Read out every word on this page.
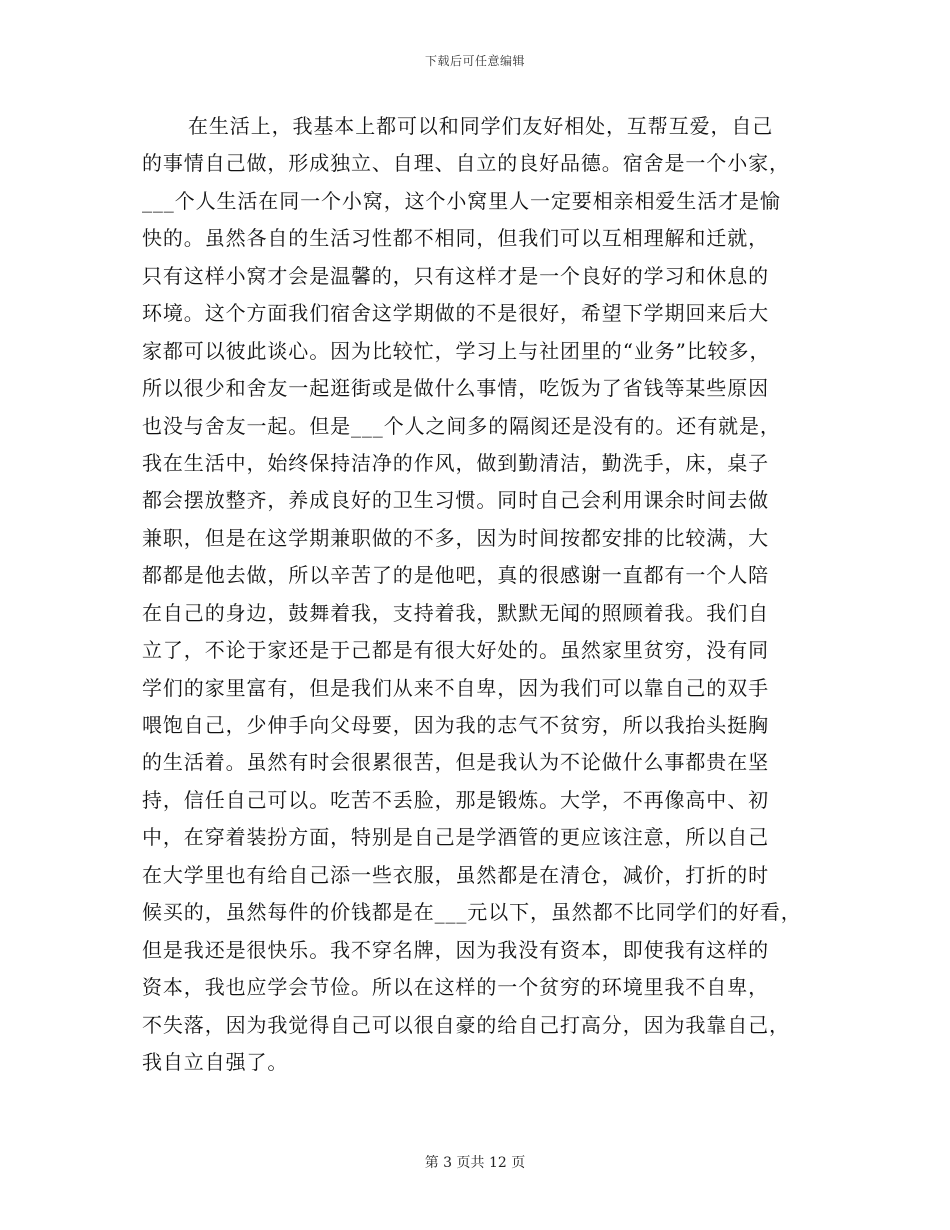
下载后可任意编辑
在生活上，我基本上都可以和同学们友好相处，互帮互爱，自己
的事情自己做，形成独立、自理、自立的良好品德。宿舍是一个小家，
___个人生活在同一个小窝，这个小窝里人一定要相亲相爱生活才是愉
快的。虽然各自的生活习性都不相同，但我们可以互相理解和迁就，
只有这样小窝才会是温馨的，只有这样才是一个良好的学习和休息的
环境。这个方面我们宿舍这学期做的不是很好，希望下学期回来后大
家都可以彼此谈心。因为比较忙，学习上与社团里的“业务”比较多，
所以很少和舍友一起逛街或是做什么事情，吃饭为了省钱等某些原因
也没与舍友一起。但是___个人之间多的隔阂还是没有的。还有就是，
我在生活中，始终保持洁净的作风，做到勤清洁，勤洗手，床，桌子
都会摆放整齐，养成良好的卫生习惯。同时自己会利用课余时间去做
兼职，但是在这学期兼职做的不多，因为时间按都安排的比较满，大
都都是他去做，所以辛苦了的是他吧，真的很感谢一直都有一个人陪
在自己的身边，鼓舞着我，支持着我，默默无闻的照顾着我。我们自
立了，不论于家还是于己都是有很大好处的。虽然家里贫穷，没有同
学们的家里富有，但是我们从来不自卑，因为我们可以靠自己的双手
喂饱自己，少伸手向父母要，因为我的志气不贫穷，所以我抬头挺胸
的生活着。虽然有时会很累很苦，但是我认为不论做什么事都贵在坚
持，信任自己可以。吃苦不丢脸，那是锻炼。大学，不再像高中、初
中，在穿着装扮方面，特别是自己是学酒管的更应该注意，所以自己
在大学里也有给自己添一些衣服，虽然都是在清仓，减价，打折的时
候买的，虽然每件的价钱都是在___元以下，虽然都不比同学们的好看，
但是我还是很快乐。我不穿名牌，因为我没有资本，即使我有这样的
资本，我也应学会节俭。所以在这样的一个贫穷的环境里我不自卑，
不失落，因为我觉得自己可以很自豪的给自己打高分，因为我靠自己，
我自立自强了。
第 3 页共 12 页
